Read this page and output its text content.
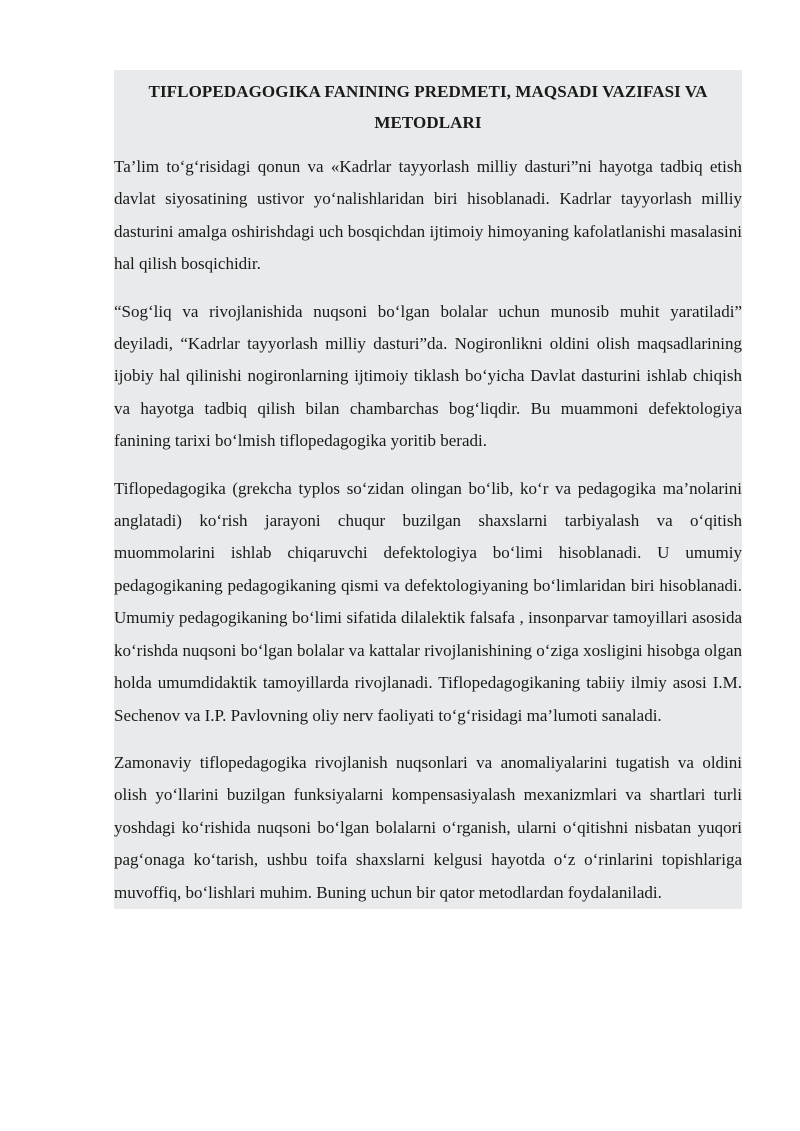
TIFLOPEDAGOGIKA FANINING PREDMETI, MAQSADI VAZIFASI VA METODLARI

Ta’lim to‘g‘risidagi qonun va «Kadrlar tayyorlash milliy dasturi”ni hayotga tadbiq etish davlat siyosatining ustivor yo‘nalishlaridan biri hisoblanadi. Kadrlar tayyorlash milliy dasturini amalga oshirishdagi uch bosqichdan ijtimoiy himoyaning kafolatlanishi masalasini hal qilish bosqichidir.

“Sog‘liq va rivojlanishida nuqsoni bo‘lgan bolalar uchun munosib muhit yaratiladi” deyiladi, “Kadrlar tayyorlash milliy dasturi”da. Nogironlikni oldini olish maqsadlarining ijobiy hal qilinishi nogironlarning ijtimoiy tiklash bo‘yicha Davlat dasturini ishlab chiqish va hayotga tadbiq qilish bilan chambarchas bog‘liqdir. Bu muammoni defektologiya fanining tarixi bo‘lmish tiflopedagogika yoritib beradi.

Tiflopedagogika (grekcha typlos so‘zidan olingan bo‘lib, ko‘r va pedagogika ma’nolarini anglatadi) ko‘rish jarayoni chuqur buzilgan shaxslarni tarbiyalash va o‘qitish muommolarini ishlab chiqaruvchi defektologiya bo‘limi hisoblanadi. U umumiy pedagogikaning pedagogikaning qismi va defektologiyaning bo‘limlaridan biri hisoblanadi. Umumiy pedagogikaning bo‘limi sifatida dilalektik falsafa , insonparvar tamoyillari asosida ko‘rishda nuqsoni bo‘lgan bolalar va kattalar rivojlanishining o‘ziga xosligini hisobga olgan holda umumdidaktik tamoyillarda rivojlanadi. Tiflopedagogikaning tabiiy ilmiy asosi I.M. Sechenov va I.P. Pavlovning oliy nerv faoliyati to‘g‘risidagi ma’lumoti sanaladi.

Zamonaviy tiflopedagogika rivojlanish nuqsonlari va anomaliyalarini tugatish va oldini olish yo‘llarini buzilgan funksiyalarni kompensasiyalash mexanizmlari va shartlari turli yoshdagi ko‘rishida nuqsoni bo‘lgan bolalarni o‘rganish, ularni o‘qitishni nisbatan yuqori pag‘onaga ko‘tarish, ushbu toifa shaxslarni kelgusi hayotda o‘z o‘rinlarini topishlariga muvoffiq, bo‘lishlari muhim. Buning uchun bir qator metodlardan foydalaniladi.
